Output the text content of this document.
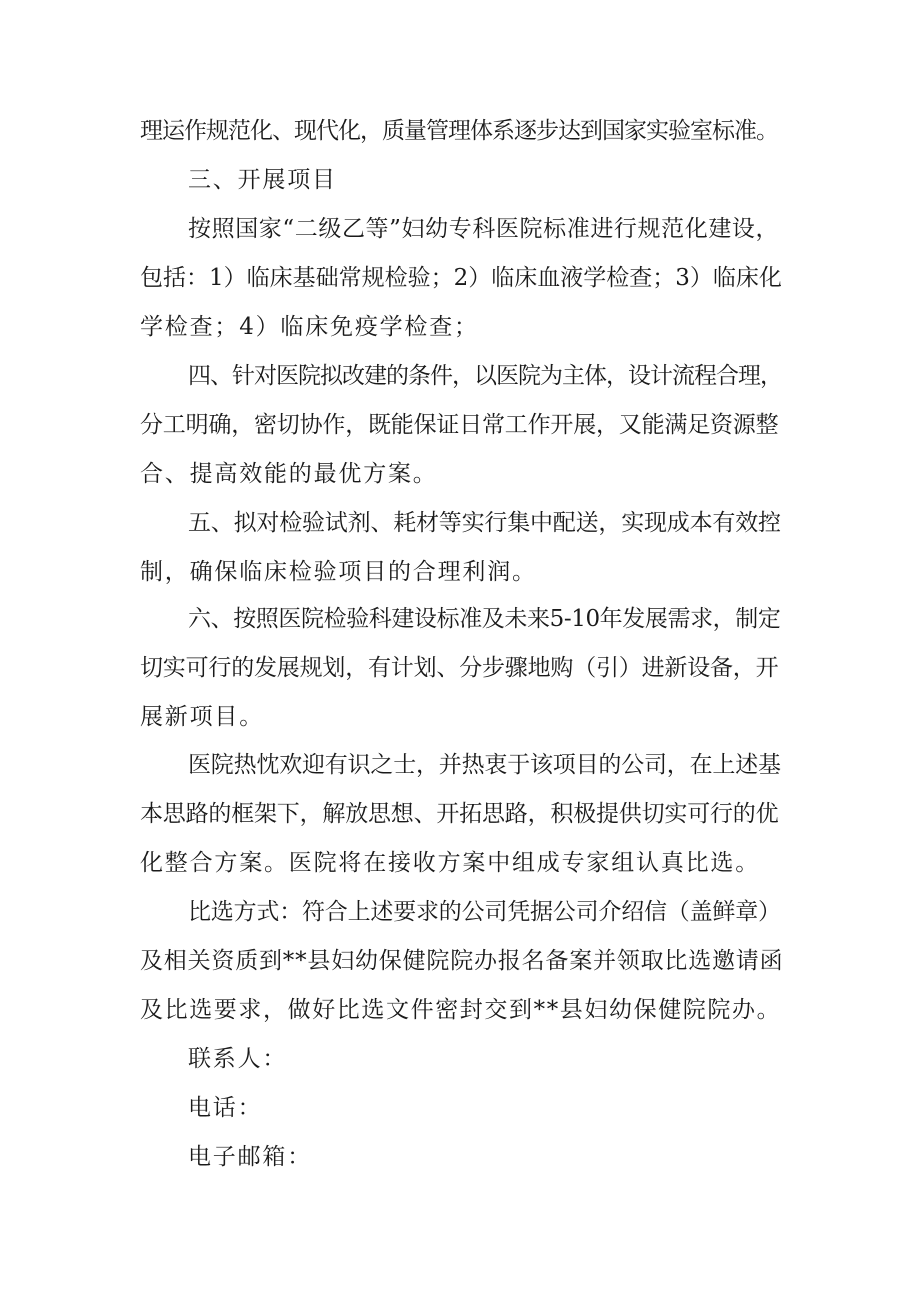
理运作规范化、现代化，质量管理体系逐步达到国家实验室标准。
三、开展项目
按照国家“二级乙等”妇幼专科医院标准进行规范化建设，
包括：1）临床基础常规检验；2）临床血液学检查；3）临床化
学检查；4）临床免疫学检查；
四、针对医院拟改建的条件，以医院为主体，设计流程合理，
分工明确，密切协作，既能保证日常工作开展，又能满足资源整
合、提高效能的最优方案。
五、拟对检验试剂、耗材等实行集中配送，实现成本有效控
制，确保临床检验项目的合理利润。
六、按照医院检验科建设标准及未来5-10年发展需求，制定
切实可行的发展规划，有计划、分步骤地购（引）进新设备，开
展新项目。
医院热忱欢迎有识之士，并热衷于该项目的公司，在上述基
本思路的框架下，解放思想、开拓思路，积极提供切实可行的优
化整合方案。医院将在接收方案中组成专家组认真比选。
比选方式：符合上述要求的公司凭据公司介绍信（盖鲜章）
及相关资质到**县妇幼保健院院办报名备案并领取比选邀请函
及比选要求，做好比选文件密封交到**县妇幼保健院院办。
联系人：
电话：
电子邮箱：
